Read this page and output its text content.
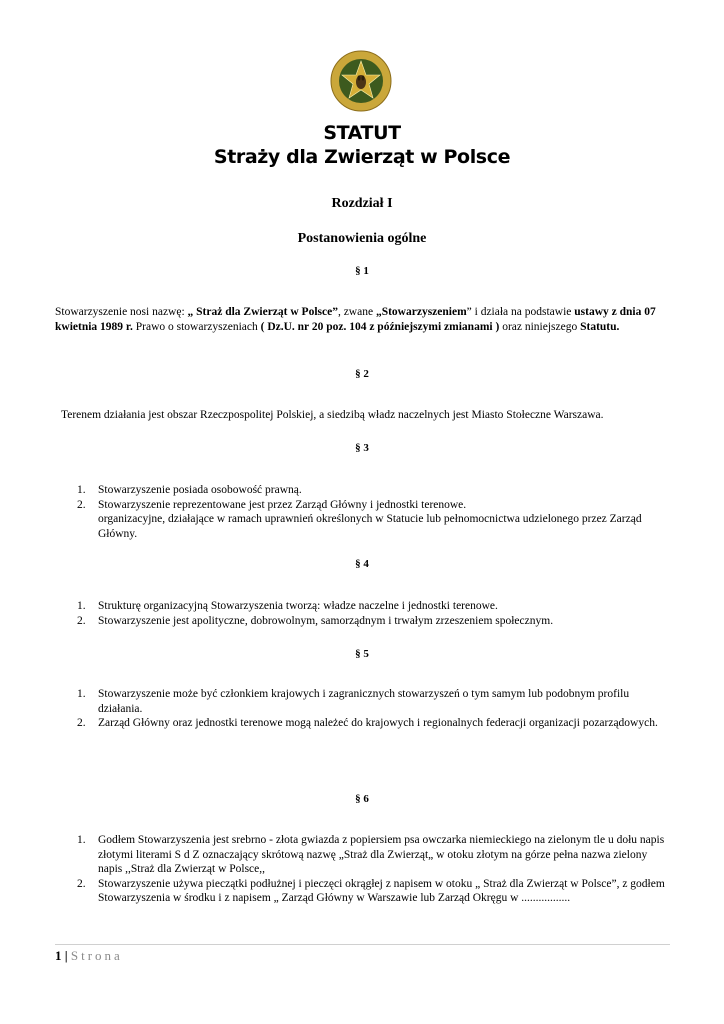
STATUT
Straży dla Zwierząt w Polsce
Rozdział I
Postanowienia ogólne
§ 1
Stowarzyszenie nosi nazwę: „ Straż dla Zwierząt w Polsce”, zwane „Stowarzyszeniem” i działa na podstawie ustawy z dnia 07 kwietnia 1989 r. Prawo o stowarzyszeniach ( Dz.U. nr 20 poz. 104 z późniejszymi zmianami ) oraz niniejszego Statutu.
§ 2
Terenem działania jest obszar Rzeczpospolitej Polskiej, a siedzibą władz naczelnych jest Miasto Stołeczne Warszawa.
§ 3
1. Stowarzyszenie posiada osobowość prawną.
2. Stowarzyszenie reprezentowane jest przez Zarząd Główny i jednostki terenowe.
organizacyjne, działające w ramach uprawnień określonych w Statucie lub pełnomocnictwa udzielonego przez Zarząd Główny.
§ 4
1. Strukturę organizacyjną Stowarzyszenia tworzą: władze naczelne i jednostki terenowe.
2. Stowarzyszenie jest apolityczne, dobrowolnym, samorządnym i trwałym zrzeszeniem społecznym.
§ 5
1. Stowarzyszenie może być członkiem krajowych i zagranicznych stowarzyszeń o tym samym lub podobnym profilu działania.
2. Zarząd Główny oraz jednostki terenowe mogą należeć do krajowych i regionalnych federacji organizacji pozarządowych.
§ 6
1. Godłem Stowarzyszenia jest srebrno - złota gwiazda z popiersiem psa owczarka niemieckiego na zielonym tle u dołu napis złotymi literami S d Z oznaczający skrótową nazwę „Straż dla Zwierząt„ w otoku złotym na górze pełna nazwa zielony napis ,,Straż dla Zwierząt w Polsce,,
2. Stowarzyszenie używa pieczątki podłużnej i pieczęci okrągłej z napisem w otoku „ Straż dla Zwierząt w Polsce”, z godłem Stowarzyszenia w środku i z napisem „ Zarząd Główny w Warszawie lub Zarząd Okręgu w .................
1 | Strona
